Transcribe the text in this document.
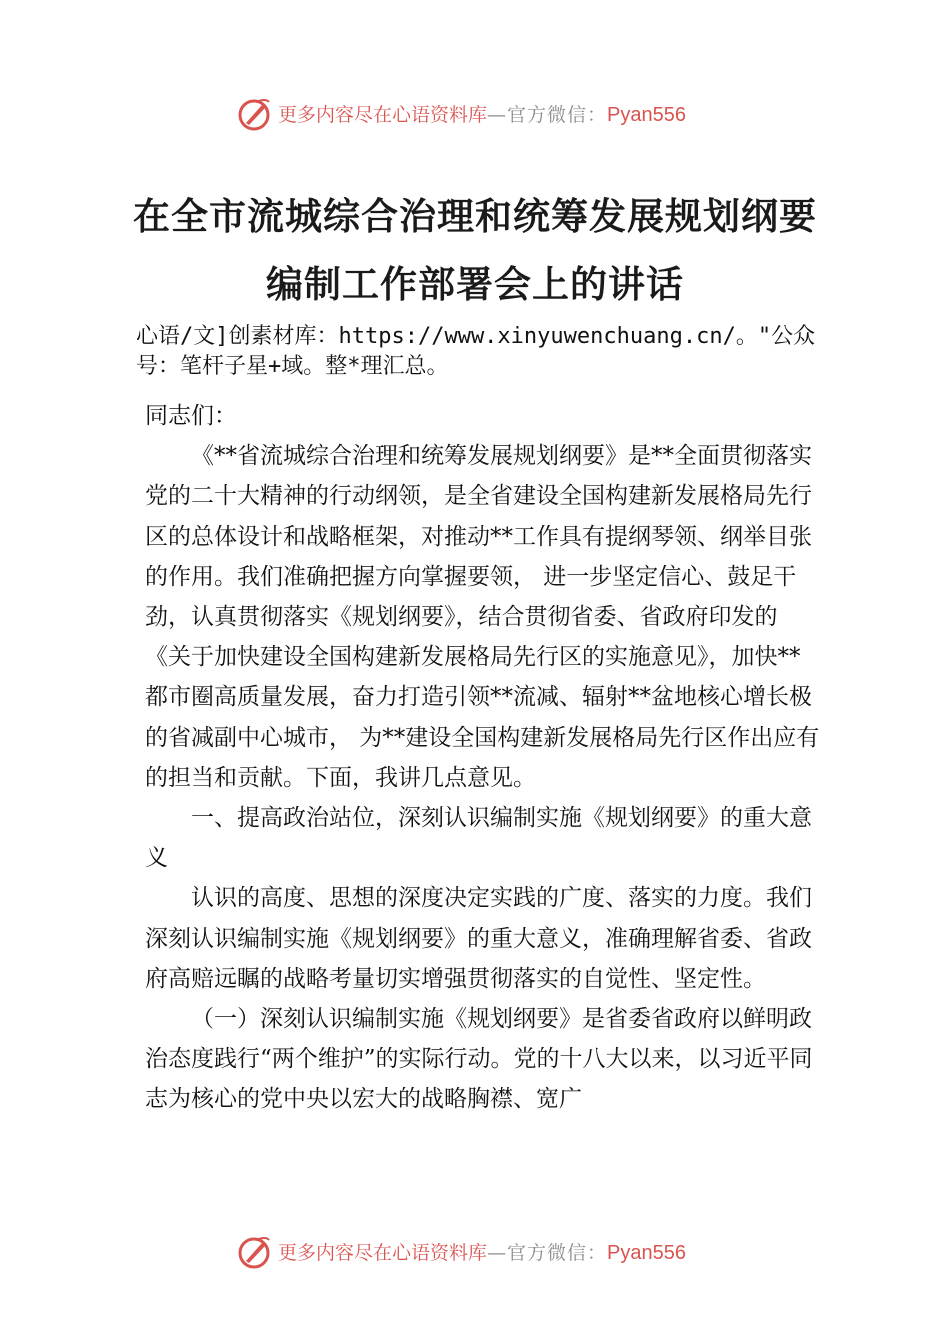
更多内容尽在心语资料库—官方微信：Pyan556
在全市流城综合治理和统筹发展规划纲要
编制工作部署会上的讲话
心语/文]创素材库：https://www.xinyuwenchuang.cn/。"公众号：笔杆子星+域。整*理汇总。

同志们：

《**省流城综合治理和统筹发展规划纲要》是**全面贯彻落实党的二十大精神的行动纲领，是全省建设全国构建新发展格局先行区的总体设计和战略框架，对推动**工作具有提纲琴领、纲举目张的作用。我们准确把握方向掌握要领， 进一步坚定信心、鼓足干劲，认真贯彻落实《规划纲要》，结合贯彻省委、省政府印发的《关于加快建设全国构建新发展格局先行区的实施意见》，加快**都市圈高质量发展，奋力打造引领**流减、辐射**盆地核心增长极的省减副中心城市， 为**建设全国构建新发展格局先行区作出应有的担当和贡献。下面，我讲几点意见。

一、提高政治站位，深刻认识编制实施《规划纲要》的重大意义

认识的高度、思想的深度决定实践的广度、落实的力度。我们深刻认识编制实施《规划纲要》的重大意义，准确理解省委、省政府高赔远瞩的战略考量切实增强贯彻落实的自觉性、坚定性。

（一）深刻认识编制实施《规划纲要》是省委省政府以鲜明政治态度践行“两个维护”的实际行动。党的十八大以来，以习近平同志为核心的党中央以宏大的战略胸襟、宽广

更多内容尽在心语资料库—官方微信：Pyan556
